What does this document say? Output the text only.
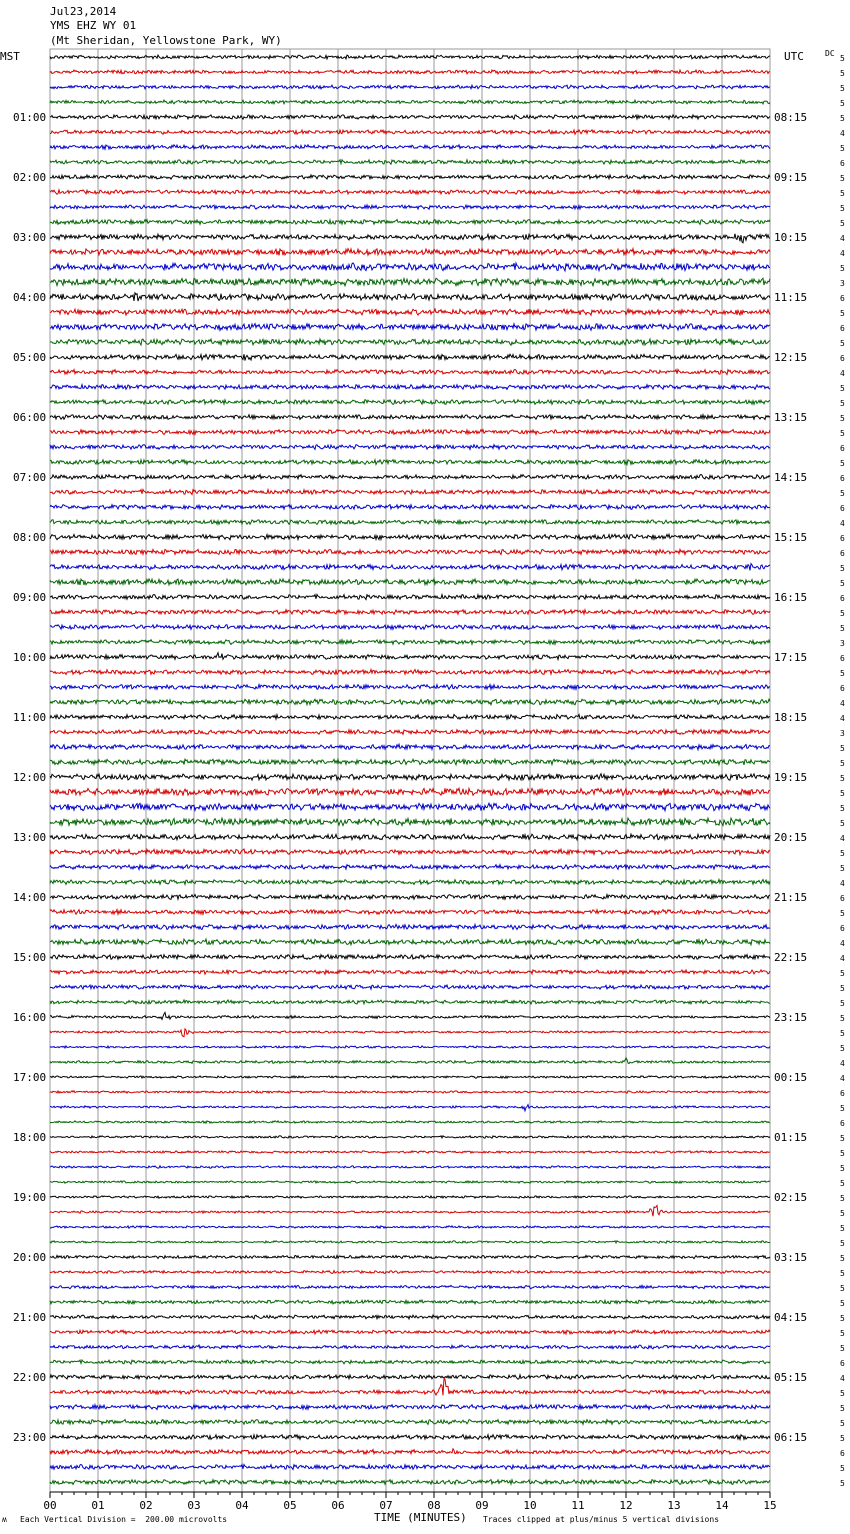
Jul23,2014
YMS EHZ WY 01
(Mt Sheridan, Yellowstone Park, WY)
MST	UTC	DC
00	01	02	03	04	05	06	07	08	09	10	11	12	13	14	15
5
5
5
5
5
01:00	08:15
4
5
6
5
02:00	09:15
5
5
5
4
03:00	10:15
4
5
3
6
04:00	11:15
5
6
5
6
05:00	12:15
4
5
5
5
06:00	13:15
5
6
5
6
07:00	14:15
5
6
4
6
08:00	15:15
6
5
5
6
09:00	16:15
5
5
3
6
10:00	17:15
5
6
4
4
11:00	18:15
3
5
5
5
12:00	19:15
5
5
5
4
13:00	20:15
5
5
4
6
14:00	21:15
5
6
4
4
15:00	22:15
5
5
5
5
16:00	23:15
5
5
4
4
17:00	00:15
6
5
6
5
18:00	01:15
5
5
5
5
19:00	02:15
5
5
5
5
20:00	03:15
5
5
5
5
21:00	04:15
5
5
6
4
22:00	05:15
5
5
5
5
23:00	06:15
6
5
5
ʍ Each Vertical Division =  200.00 microvolts	TIME (MINUTES) Traces clipped at plus/minus 5 vertical divisions
